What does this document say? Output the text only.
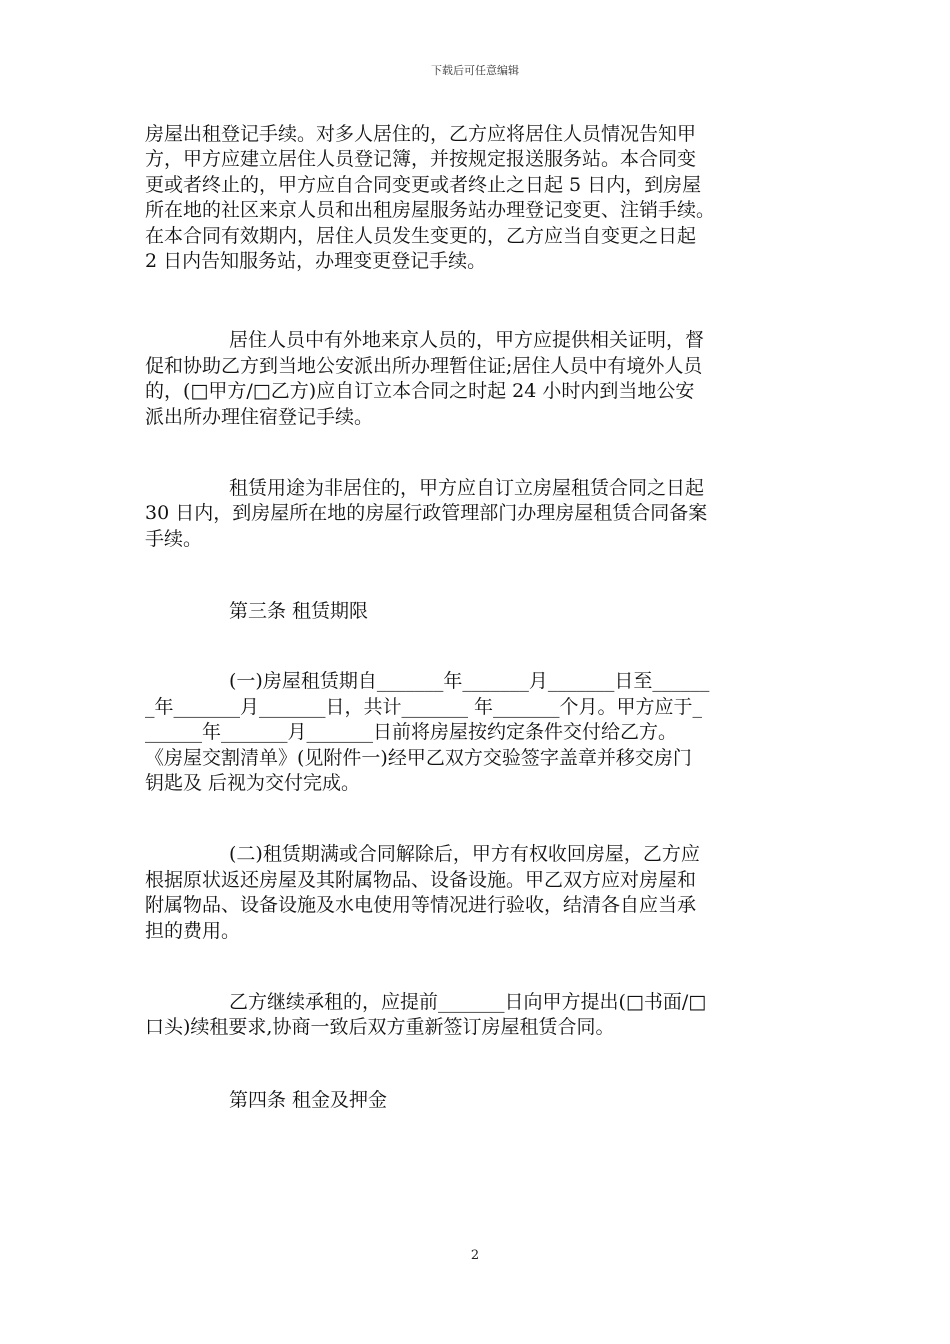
下载后可任意编辑

房屋出租登记手续。对多人居住的，乙方应将居住人员情况告知甲
方，甲方应建立居住人员登记簿，并按规定报送服务站。本合同变
更或者终止的，甲方应自合同变更或者终止之日起 5 日内，到房屋
所在地的社区来京人员和出租房屋服务站办理登记变更、注销手续。
在本合同有效期内，居住人员发生变更的，乙方应当自变更之日起
2 日内告知服务站，办理变更登记手续。

居住人员中有外地来京人员的，甲方应提供相关证明，督
促和协助乙方到当地公安派出所办理暂住证;居住人员中有境外人员
的，(□甲方/□乙方)应自订立本合同之时起 24 小时内到当地公安
派出所办理住宿登记手续。

租赁用途为非居住的，甲方应自订立房屋租赁合同之日起
30 日内，到房屋所在地的房屋行政管理部门办理房屋租赁合同备案
手续。

第三条 租赁期限

(一)房屋租赁期自_______年_______月_______日至______
_年_______月_______日，共计_______ 年_______个月。甲方应于_
______年_______月_______日前将房屋按约定条件交付给乙方。
《房屋交割清单》(见附件一)经甲乙双方交验签字盖章并移交房门
钥匙及 后视为交付完成。

(二)租赁期满或合同解除后，甲方有权收回房屋，乙方应
根据原状返还房屋及其附属物品、设备设施。甲乙双方应对房屋和
附属物品、设备设施及水电使用等情况进行验收，结清各自应当承
担的费用。

乙方继续承租的，应提前_______日向甲方提出(□书面/□
口头)续租要求,协商一致后双方重新签订房屋租赁合同。

第四条 租金及押金

2
